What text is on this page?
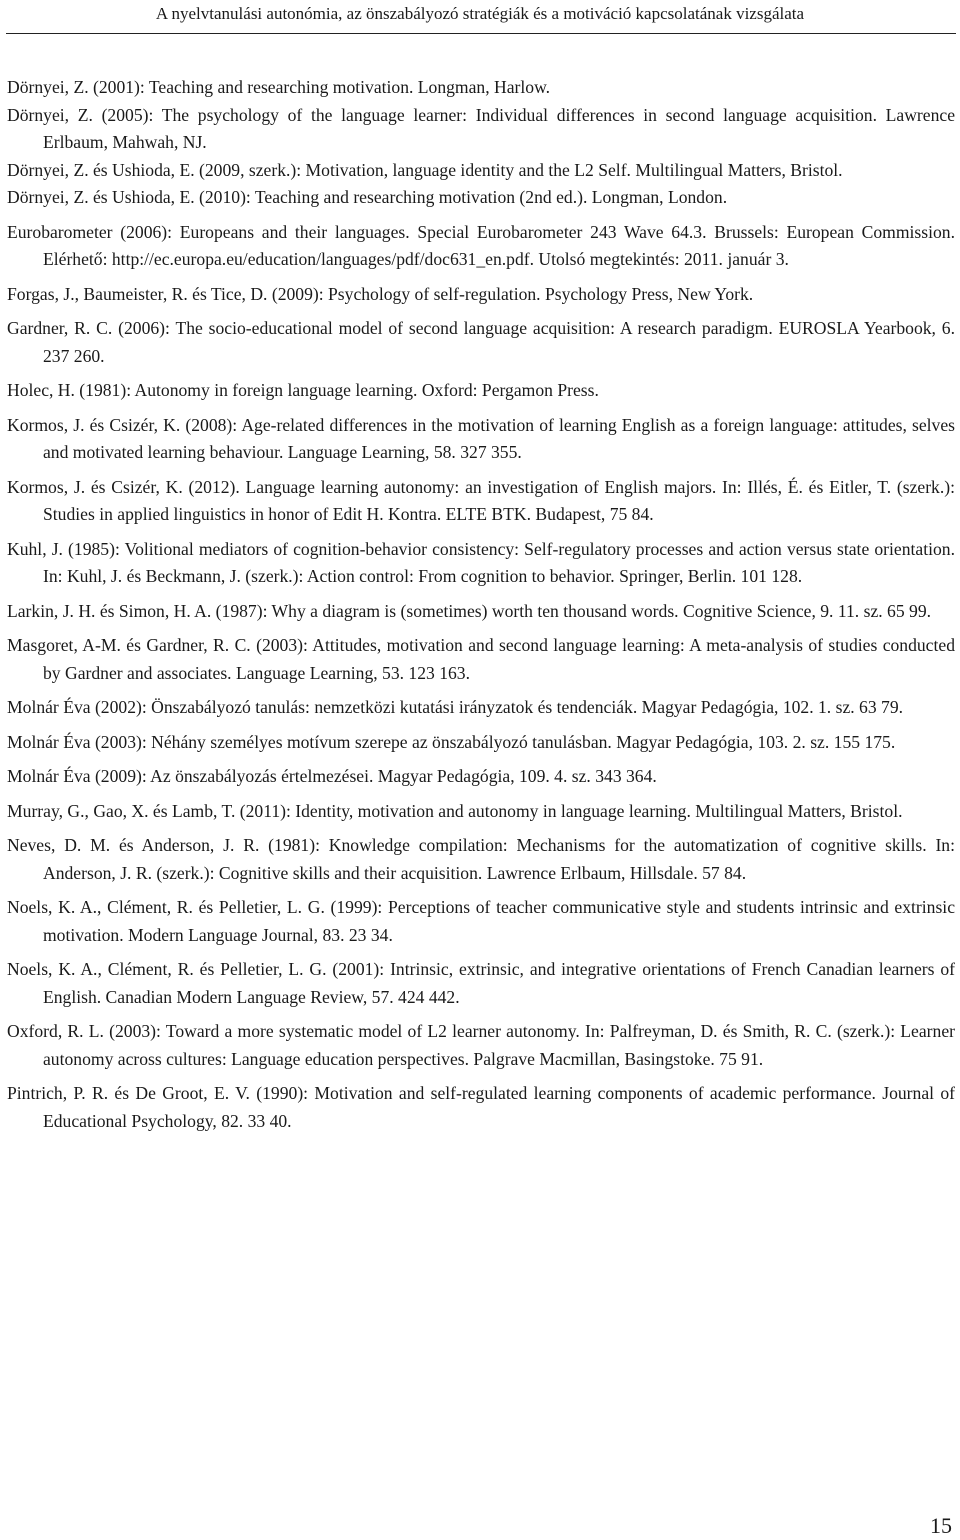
A nyelvtanulási autonómia, az önszabályozó stratégiák és a motiváció kapcsolatának vizsgálata

Dörnyei, Z. (2001): Teaching and researching motivation. Longman, Harlow.

Dörnyei, Z. (2005): The psychology of the language learner: Individual differences in second language acquisition. Lawrence Erlbaum, Mahwah, NJ.

Dörnyei, Z. és Ushioda, E. (2009, szerk.): Motivation, language identity and the L2 Self. Multilingual Matters, Bristol.

Dörnyei, Z. és Ushioda, E. (2010): Teaching and researching motivation (2nd ed.). Longman, London.

Eurobarometer (2006): Europeans and their languages. Special Eurobarometer 243 Wave 64.3. Brussels: European Commission. Elérhető: http://ec.europa.eu/education/languages/pdf/doc631_en.pdf. Utolsó megtekintés: 2011. január 3.

Forgas, J., Baumeister, R. és Tice, D. (2009): Psychology of self-regulation. Psychology Press, New York.

Gardner, R. C. (2006): The socio-educational model of second language acquisition: A research paradigm. EUROSLA Yearbook, 6. 237 260.

Holec, H. (1981): Autonomy in foreign language learning. Oxford: Pergamon Press.

Kormos, J. és Csizér, K. (2008): Age-related differences in the motivation of learning English as a foreign language: attitudes, selves and motivated learning behaviour. Language Learning, 58. 327 355.

Kormos, J. és Csizér, K. (2012). Language learning autonomy: an investigation of English majors. In: Illés, É. és Eitler, T. (szerk.): Studies in applied linguistics in honor of Edit H. Kontra. ELTE BTK. Budapest, 75 84.

Kuhl, J. (1985): Volitional mediators of cognition-behavior consistency: Self-regulatory processes and action versus state orientation. In: Kuhl, J. és Beckmann, J. (szerk.): Action control: From cognition to behavior. Springer, Berlin. 101 128.

Larkin, J. H. és Simon, H. A. (1987): Why a diagram is (sometimes) worth ten thousand words. Cognitive Science, 9. 11. sz. 65 99.

Masgoret, A-M. és Gardner, R. C. (2003): Attitudes, motivation and second language learning: A meta-analysis of studies conducted by Gardner and associates. Language Learning, 53. 123 163.

Molnár Éva (2002): Önszabályozó tanulás: nemzetközi kutatási irányzatok és tendenciák. Magyar Pedagógia, 102. 1. sz. 63 79.

Molnár Éva (2003): Néhány személyes motívum szerepe az önszabályozó tanulásban. Magyar Pedagógia, 103. 2. sz. 155 175.

Molnár Éva (2009): Az önszabályozás értelmezései. Magyar Pedagógia, 109. 4. sz. 343 364.

Murray, G., Gao, X. és Lamb, T. (2011): Identity, motivation and autonomy in language learning. Multilingual Matters, Bristol.

Neves, D. M. és Anderson, J. R. (1981): Knowledge compilation: Mechanisms for the automatization of cognitive skills. In: Anderson, J. R. (szerk.): Cognitive skills and their acquisition. Lawrence Erlbaum, Hillsdale. 57 84.

Noels, K. A., Clément, R. és Pelletier, L. G. (1999): Perceptions of teacher communicative style and students intrinsic and extrinsic motivation. Modern Language Journal, 83. 23 34.

Noels, K. A., Clément, R. és Pelletier, L. G. (2001): Intrinsic, extrinsic, and integrative orientations of French Canadian learners of English. Canadian Modern Language Review, 57. 424 442.

Oxford, R. L. (2003): Toward a more systematic model of L2 learner autonomy. In: Palfreyman, D. és Smith, R. C. (szerk.): Learner autonomy across cultures: Language education perspectives. Palgrave Macmillan, Basingstoke. 75 91.

Pintrich, P. R. és De Groot, E. V. (1990): Motivation and self-regulated learning components of academic performance. Journal of Educational Psychology, 82. 33 40.

15
